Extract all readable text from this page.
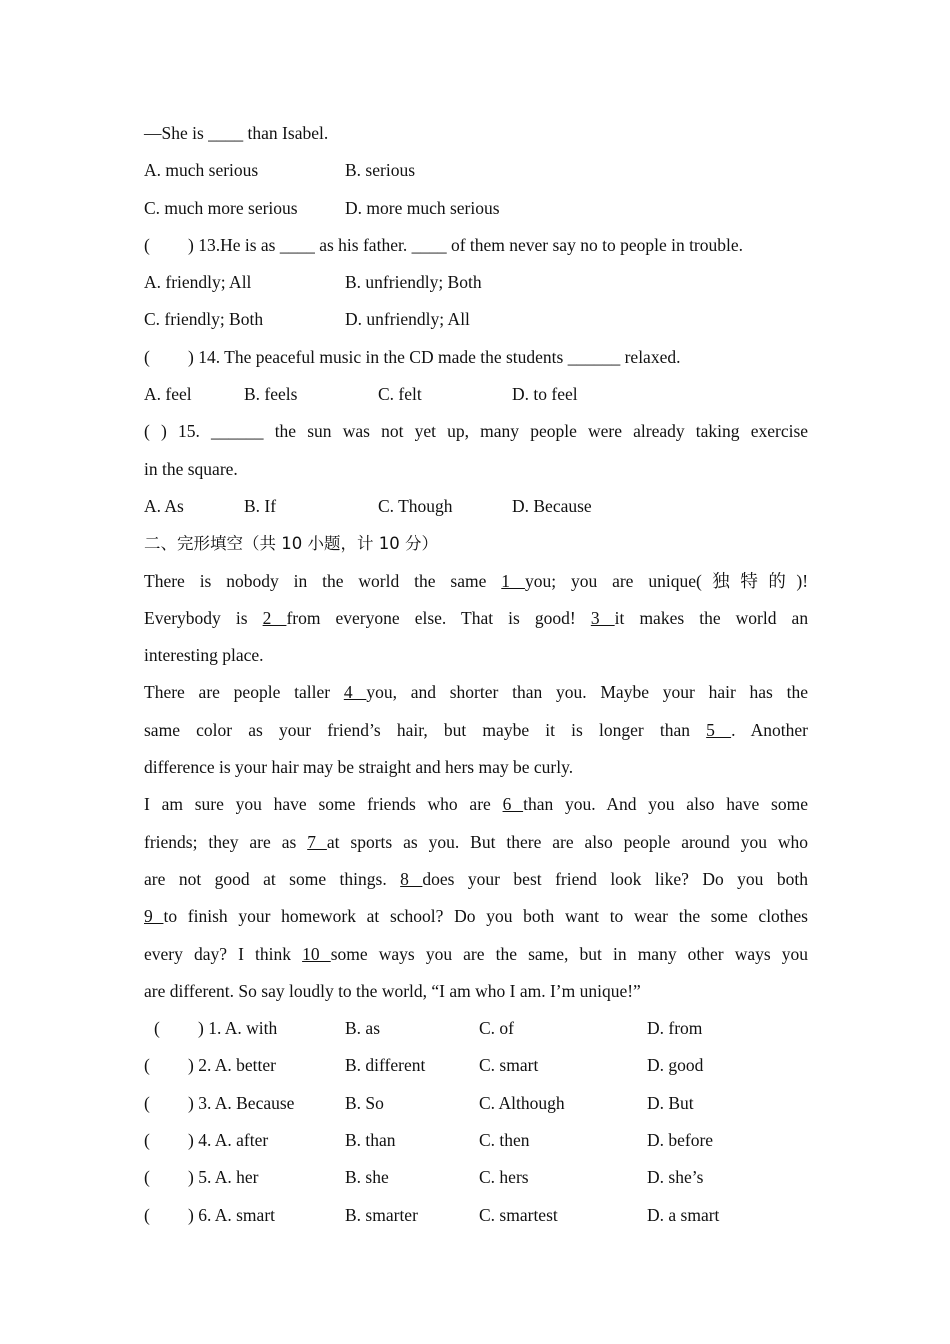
—She is ____ than Isabel.
A. much serious	B. serious
C. much more serious	D. more much serious
( ) 13.He is as ____ as his father. ____ of them never say no to people in trouble.
A. friendly; All	B. unfriendly; Both
C. friendly; Both	D. unfriendly; All
( ) 14. The peaceful music in the CD made the students ______ relaxed.
A. feel	B. feels	C. felt	D. to feel
( ) 15. ______ the sun was not yet up, many people were already taking exercise
in the square.
A. As	B. If	C. Though	D. Because
二、完形填空（共 10 小题，计 10 分）
There is nobody in the world the same 1 you; you are unique(独特的)!
Everybody is 2 from everyone else. That is good! 3 it makes the world an
interesting place.
There are people taller 4 you, and shorter than you. Maybe your hair has the
same color as your friend’s hair, but maybe it is longer than 5 . Another
difference is your hair may be straight and hers may be curly.
I am sure you have some friends who are 6 than you. And you also have some
friends; they are as 7 at sports as you. But there are also people around you who
are not good at some things. 8 does your best friend look like? Do you both
9 to finish your homework at school? Do you both want to wear the some clothes
every day? I think 10 some ways you are the same, but in many other ways you
are different. So say loudly to the world, “I am who I am. I’m unique!”
( ) 1. A. with	B. as	C. of	D. from
( ) 2. A. better	B. different	C. smart	D. good
( ) 3. A. Because	B. So	C. Although	D. But
( ) 4. A. after	B. than	C. then	D. before
( ) 5. A. her	B. she	C. hers	D. she’s
( ) 6. A. smart	B. smarter	C. smartest	D. a smart
